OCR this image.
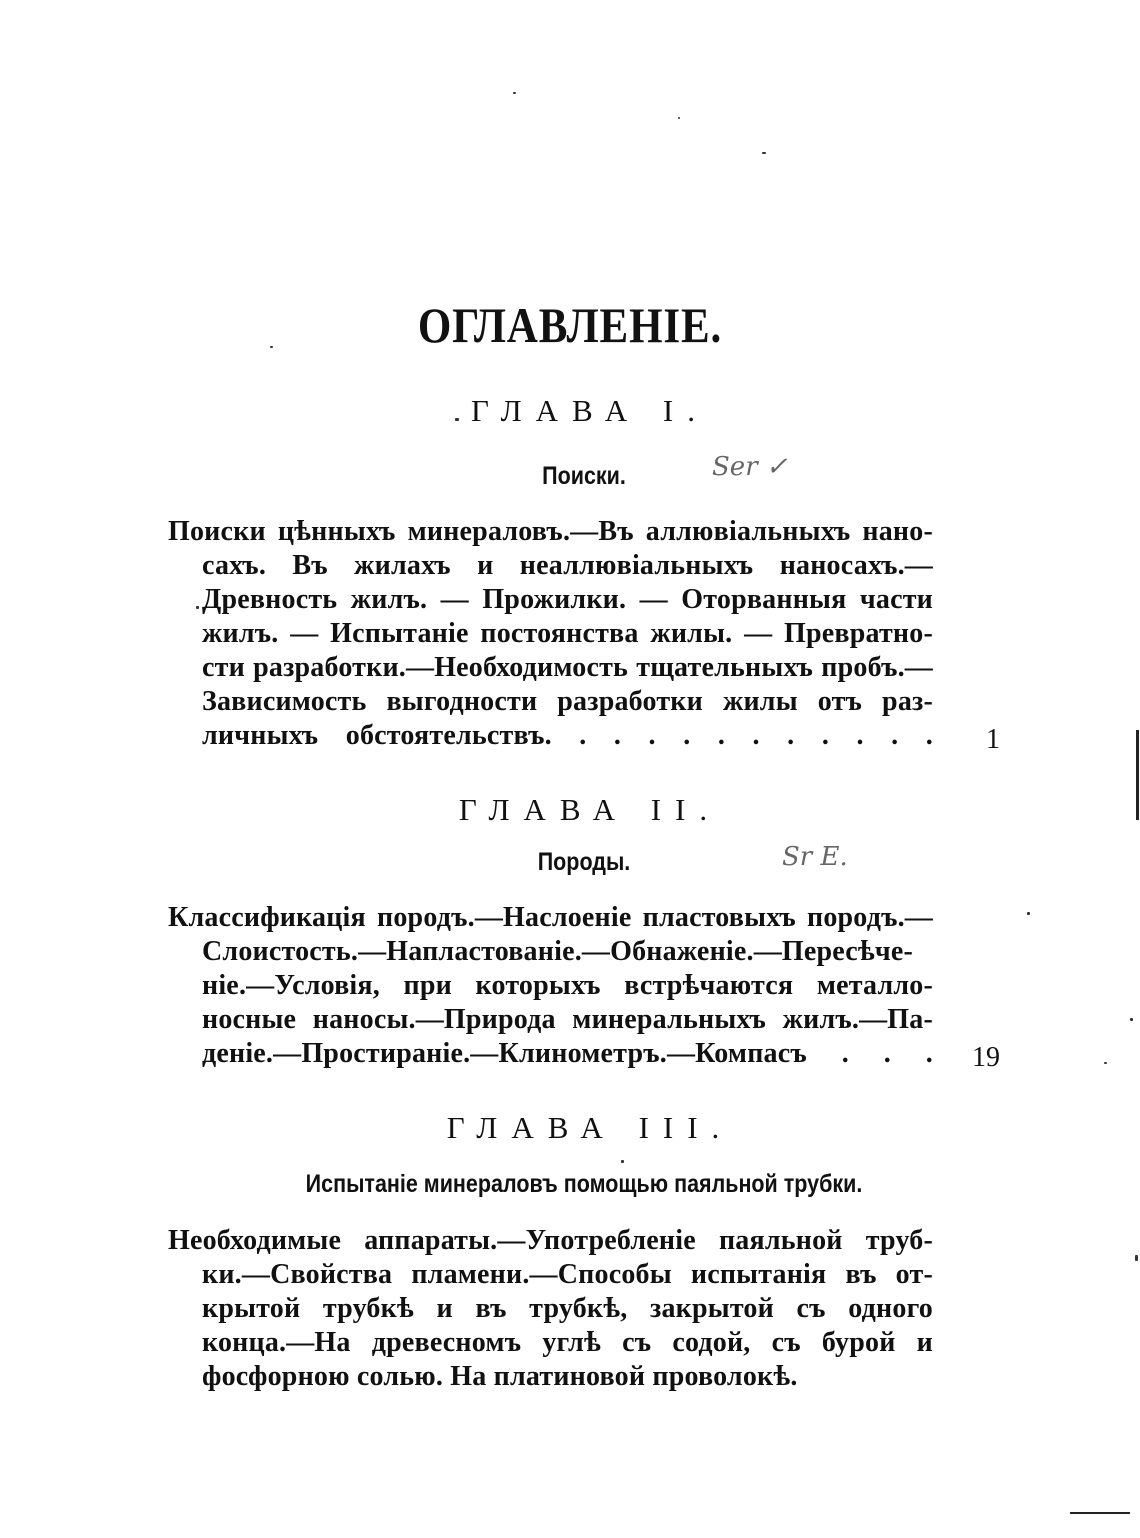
ОГЛАВЛЕНIЕ.
ГЛАВА I.
Поиски.	Ser ✓
Поиски цѣнныхъ минераловъ.—Въ аллювiальныхъ нано-
сахъ. Въ жилахъ и неаллювiальныхъ наносахъ.—
Древность жилъ. — Прожилки. — Оторванныя части
жилъ. — Испытанiе постоянства жилы. — Превратно-
сти разработки.—Необходимость тщательныхъ пробъ.—
Зависимость выгодности разработки жилы отъ раз-
личныхъ обстоятельствъ. . . . . . . . . . . .	1
ГЛАВА II.
Породы.	Sr E.
Классификацiя породъ.—Наслоенiе пластовыхъ породъ.—
Слоистость.—Напластованiе.—Обнаженiе.—Пересѣче-
нiе.—Условiя, при которыхъ встрѣчаются металло-
носные наносы.—Природа минеральныхъ жилъ.—Па-
денiе.—Простиранiе.—Клинометръ.—Компасъ . . .	19
ГЛАВА III.
Испытанiе минераловъ помощью паяльной трубки.
Необходимые аппараты.—Употребленiе паяльной труб-
ки.—Свойства пламени.—Способы испытанiя въ от-
крытой трубкѣ и въ трубкѣ, закрытой съ одного
конца.—На древесномъ углѣ съ содой, съ бурой и
фосфорною солью. На платиновой проволокѣ.
